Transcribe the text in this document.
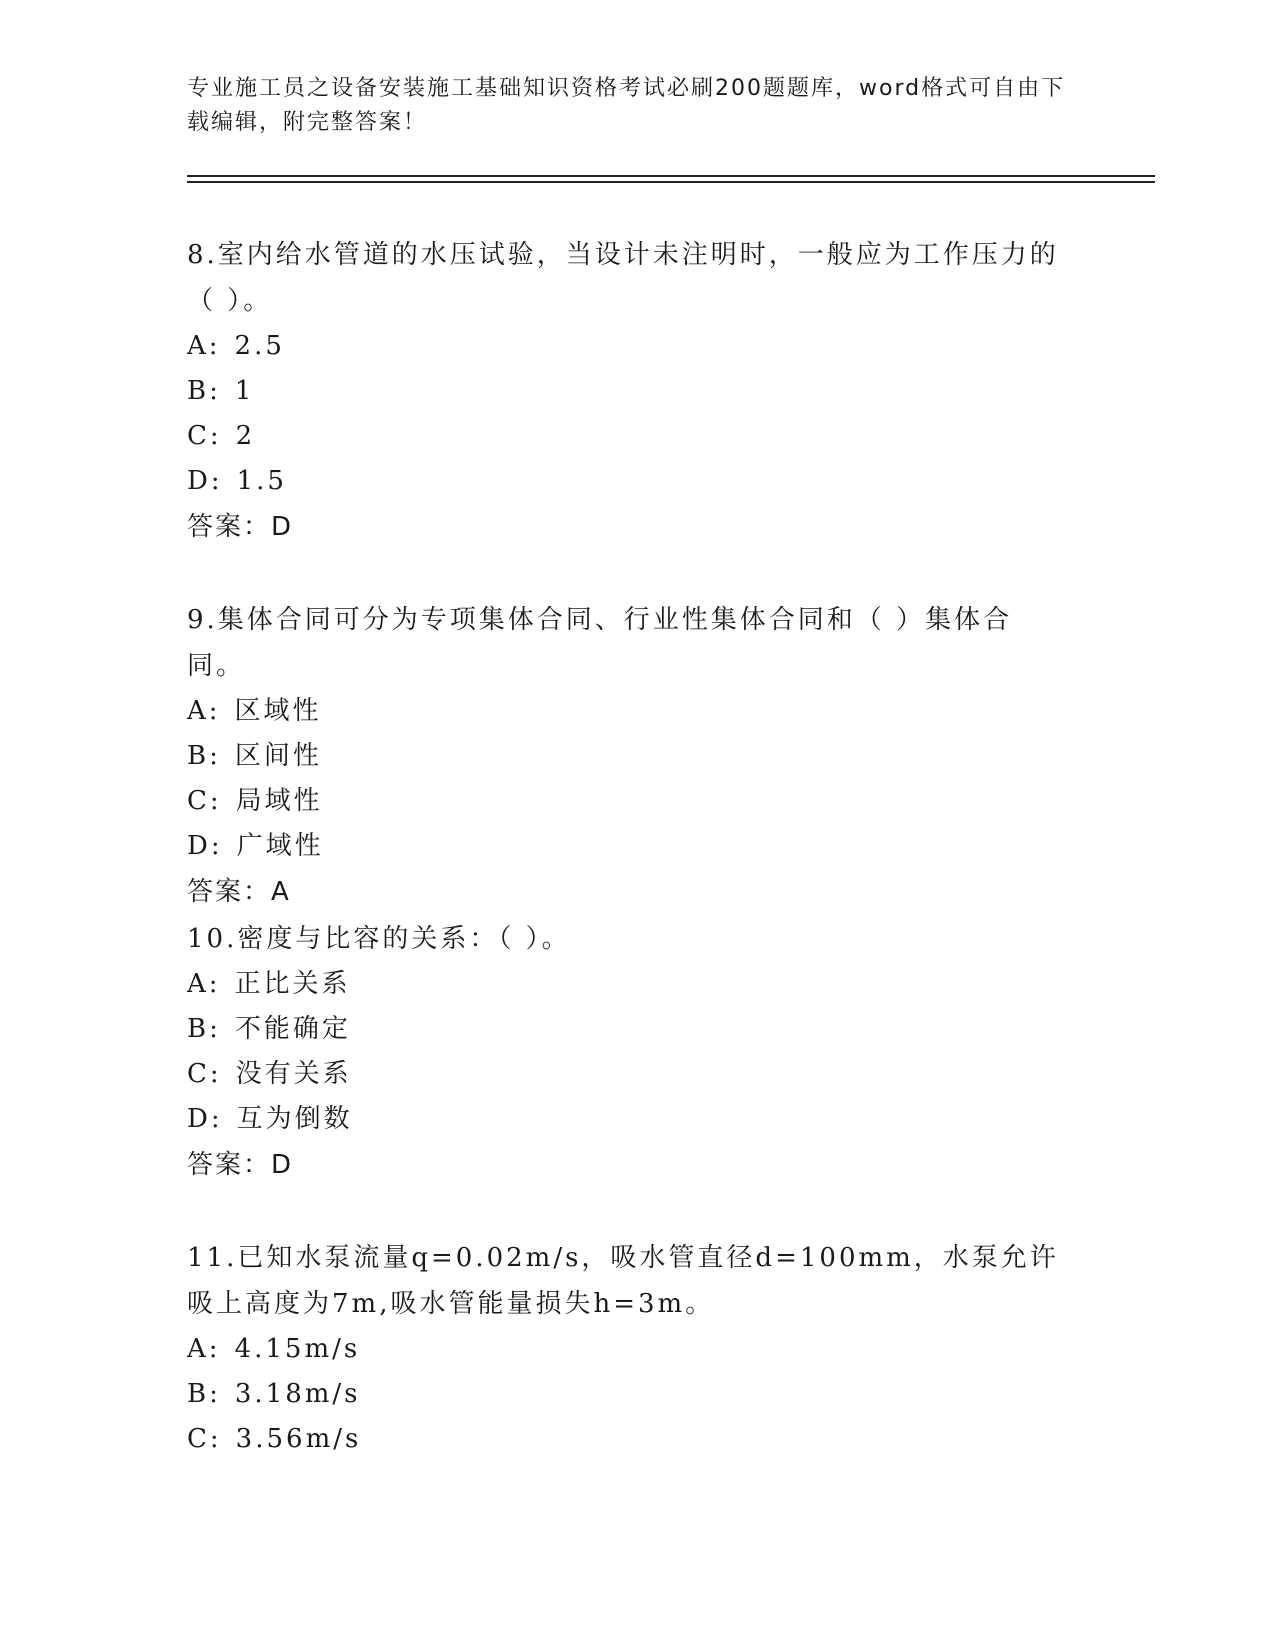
专业施工员之设备安装施工基础知识资格考试必刷200题题库，word格式可自由下载编辑，附完整答案！

8.室内给水管道的水压试验，当设计未注明时，一般应为工作压力的（ ）。

A: 2.5

B: 1

C: 2

D: 1.5

答案：D

9.集体合同可分为专项集体合同、行业性集体合同和（ ）集体合同。

A: 区域性

B: 区间性

C: 局域性

D: 广域性

答案：A

10.密度与比容的关系：（ ）。

A: 正比关系

B: 不能确定

C: 没有关系

D: 互为倒数

答案：D

11.已知水泵流量q=0.02m/s，吸水管直径d=100mm，水泵允许吸上高度为7m,吸水管能量损失h=3m。

A: 4.15m/s

B: 3.18m/s

C: 3.56m/s
